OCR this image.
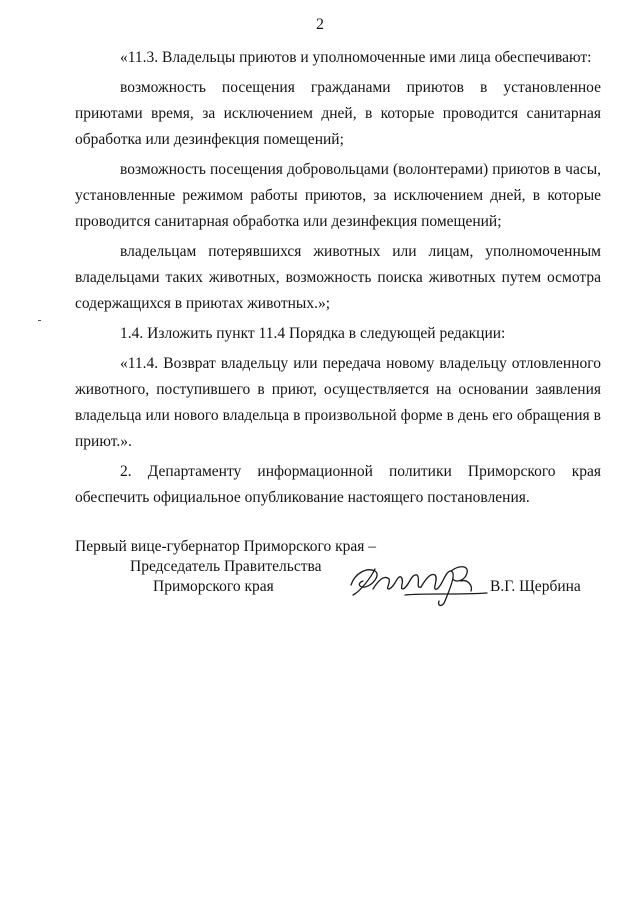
2

«11.3. Владельцы приютов и уполномоченные ими лица обеспечивают:

возможность посещения гражданами приютов в установленное приютами время, за исключением дней, в которые проводится санитарная обработка или дезинфекция помещений;

возможность посещения добровольцами (волонтерами) приютов в часы, установленные режимом работы приютов, за исключением дней, в которые проводится санитарная обработка или дезинфекция помещений;

владельцам потерявшихся животных или лицам, уполномоченным владельцами таких животных, возможность поиска животных путем осмотра содержащихся в приютах животных.»;

1.4. Изложить пункт 11.4 Порядка в следующей редакции:

«11.4. Возврат владельцу или передача новому владельцу отловленного животного, поступившего в приют, осуществляется на основании заявления владельца или нового владельца в произвольной форме в день его обращения в приют.».

2. Департаменту информационной политики Приморского края обеспечить официальное опубликование настоящего постановления.

Первый вице-губернатор Приморского края –
Председатель Правительства
Приморского края	В.Г. Щербина
